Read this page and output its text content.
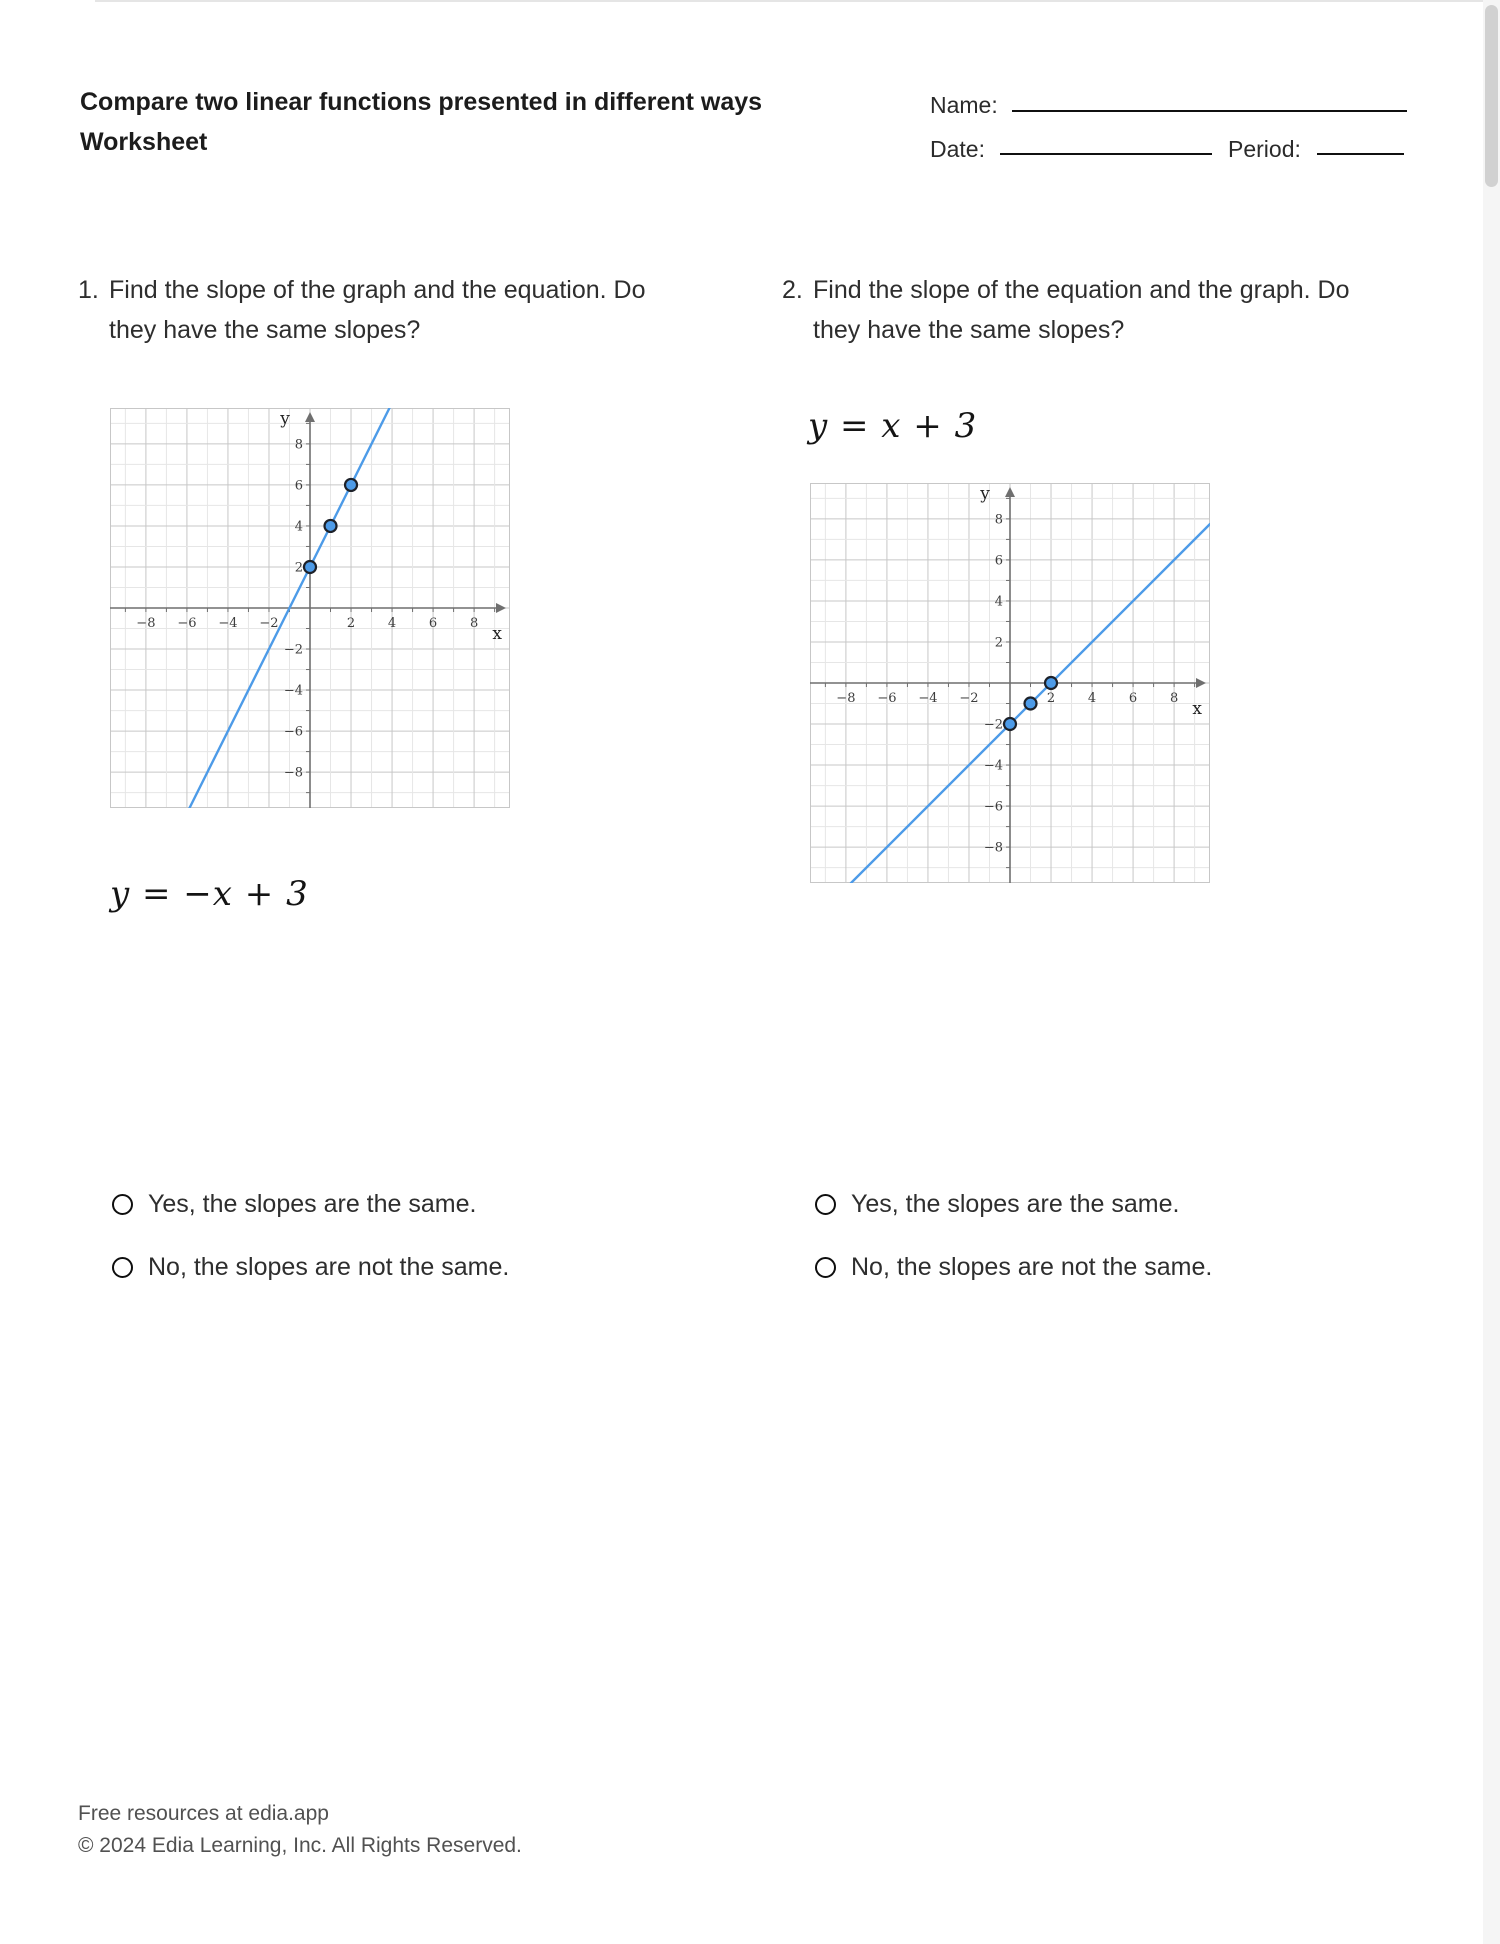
Compare two linear functions presented in different ways
Worksheet
Name:
Date:	Period:
1. Find the slope of the graph and the equation. Do
they have the same slopes?
2. Find the slope of the equation and the graph. Do
they have the same slopes?
−8
−8
−6
−6
−4
−4
−2
−2
2
2
4
4
6
6
8
8
y
x
y = −x + 3
y = x + 3
−8
−8
−6
−6
−4
−4
−2
−2
2
2
4
4
6
6
8
8
y
x
Yes, the slopes are the same.
No, the slopes are not the same.
Yes, the slopes are the same.
No, the slopes are not the same.
Free resources at edia.app
© 2024 Edia Learning, Inc. All Rights Reserved.
